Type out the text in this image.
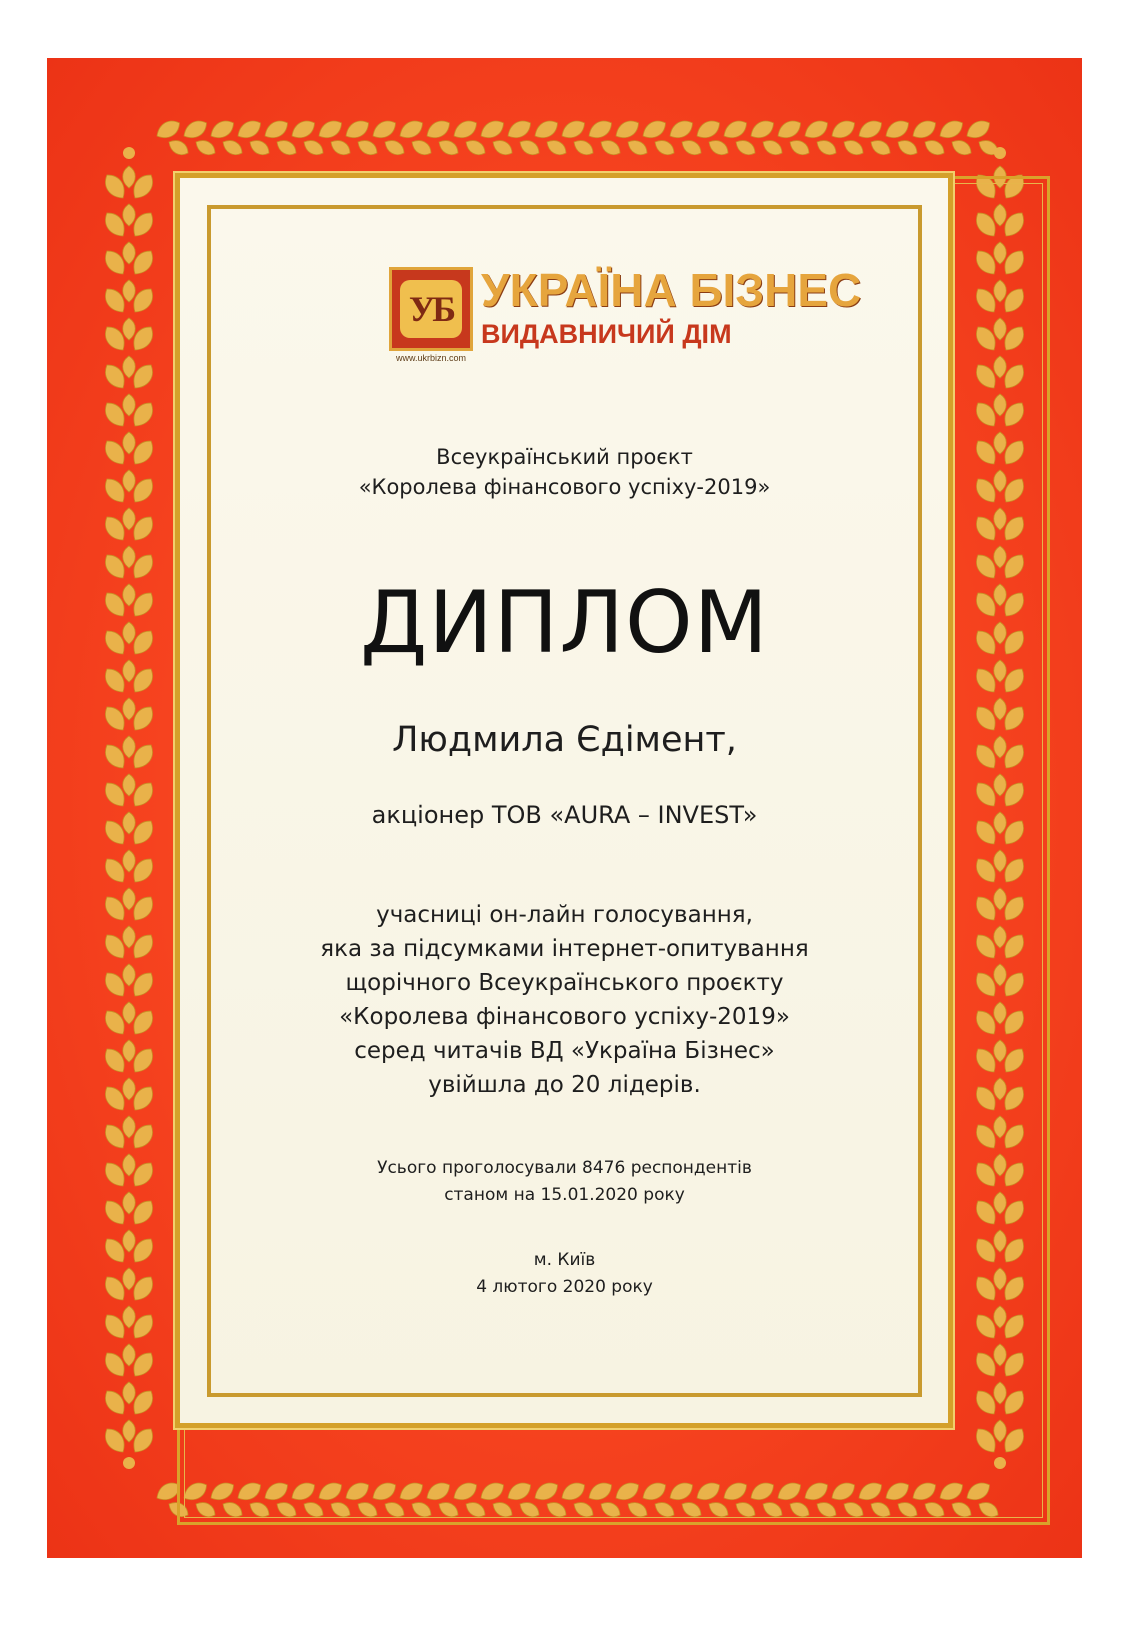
УБ
www.ukrbizn.com
УКРАЇНА БІЗНЕС
ВИДАВНИЧИЙ ДІМ
Всеукраїнський проєкт
«Королева фінансового успіху-2019»
ДИПЛОМ
Людмила Єдімент,
акціонер ТОВ «AURA – INVEST»
учасниці он-лайн голосування,
яка за підсумками інтернет-опитування
щорічного Всеукраїнського проєкту
«Королева фінансового успіху-2019»
серед читачів ВД «Україна Бізнес»
увійшла до 20 лідерів.
Усього проголосували 8476 респондентів
станом на 15.01.2020 року
м. Київ
4 лютого 2020 року
